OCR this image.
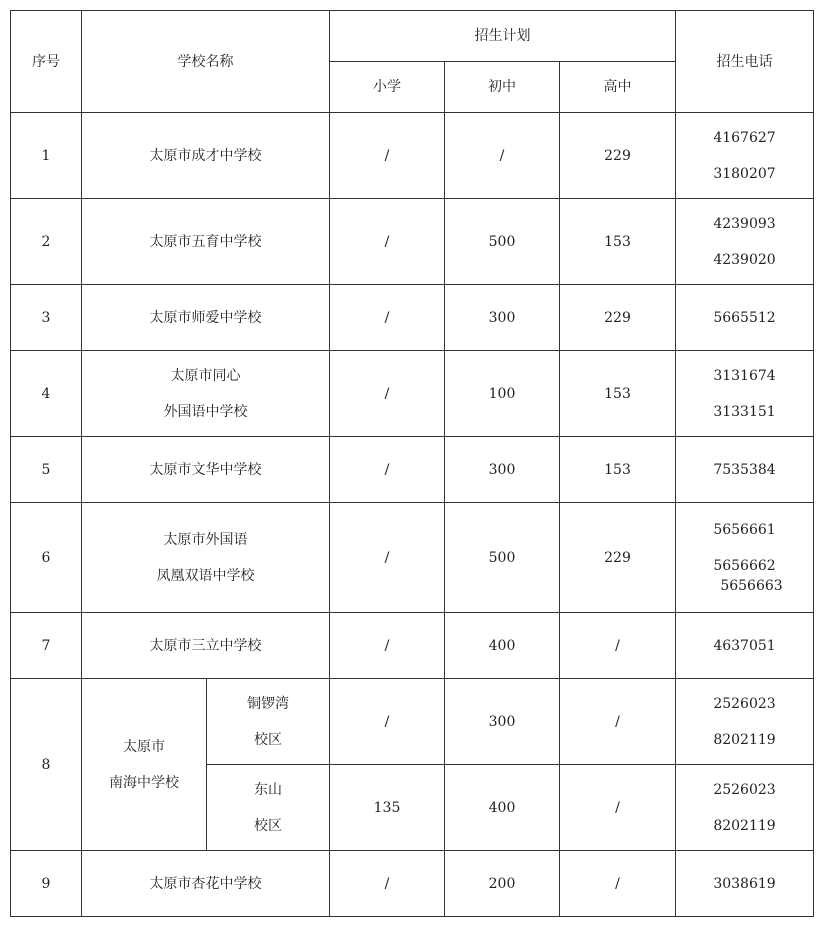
序号	学校名称		招生计划			招生电话
			小学	初中	高中	
1	太原市成才中学校		/	/	229	4167627
3180207

2	太原市五育中学校		/	500	153	4239093
4239020

3	太原市师爱中学校		/	300	229	5665512

4	太原市同心
外国语中学校		/	100	153	3131674
3133151

5	太原市文华中学校		/	300	153	7535384

6	太原市外国语
凤凰双语中学校		/	500	229	5656661
5656662
5656663

7	太原市三立中学校		/	400	/	4637051

8	太原市
南海中学校	铜锣湾
校区	/	300	/	2526023
8202119

		东山
校区	135	400	/	2526023
8202119

9	太原市杏花中学校		/	200	/	3038619
